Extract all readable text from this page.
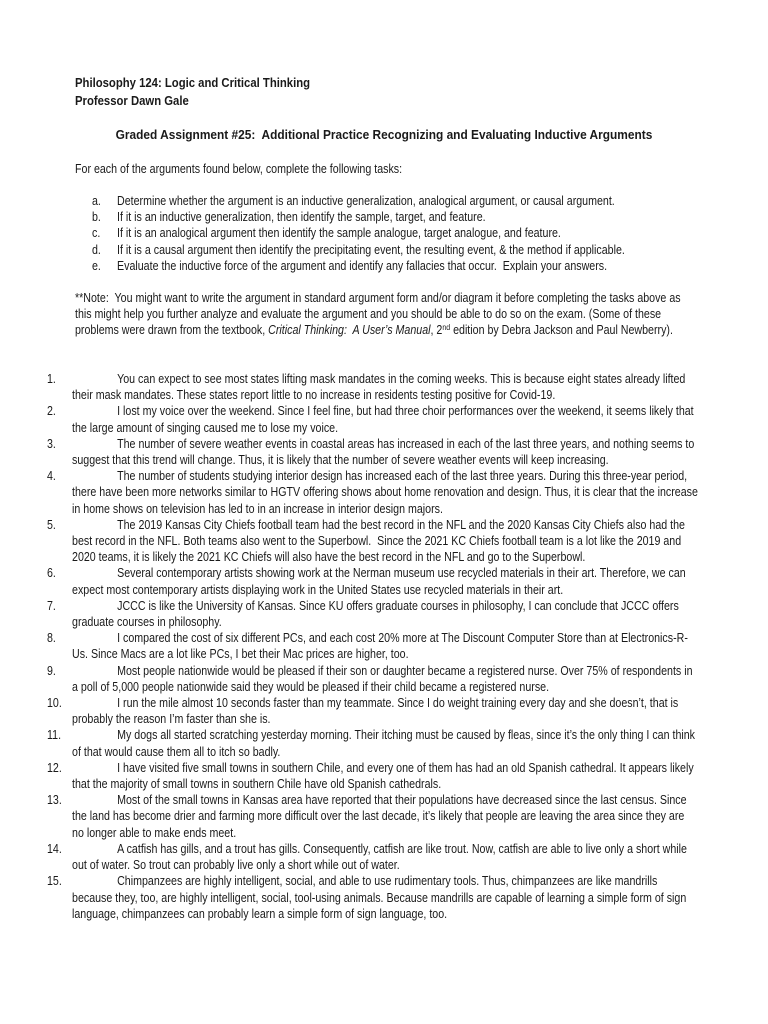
Philosophy 124: Logic and Critical Thinking
Professor Dawn Gale
Graded Assignment #25:  Additional Practice Recognizing and Evaluating Inductive Arguments
For each of the arguments found below, complete the following tasks:
a. Determine whether the argument is an inductive generalization, analogical argument, or causal argument.
b. If it is an inductive generalization, then identify the sample, target, and feature.
c. If it is an analogical argument then identify the sample analogue, target analogue, and feature.
d. If it is a causal argument then identify the precipitating event, the resulting event, & the method if applicable.
e. Evaluate the inductive force of the argument and identify any fallacies that occur.  Explain your answers.
**Note:  You might want to write the argument in standard argument form and/or diagram it before completing the tasks above as this might help you further analyze and evaluate the argument and you should be able to do so on the exam. (Some of these problems were drawn from the textbook, Critical Thinking:  A User’s Manual, 2nd edition by Debra Jackson and Paul Newberry).
1.	You can expect to see most states lifting mask mandates in the coming weeks. This is because eight states already lifted their mask mandates. These states report little to no increase in residents testing positive for Covid-19.
2.	I lost my voice over the weekend. Since I feel fine, but had three choir performances over the weekend, it seems likely that the large amount of singing caused me to lose my voice.
3.	The number of severe weather events in coastal areas has increased in each of the last three years, and nothing seems to suggest that this trend will change. Thus, it is likely that the number of severe weather events will keep increasing.
4.	The number of students studying interior design has increased each of the last three years. During this three-year period, there have been more networks similar to HGTV offering shows about home renovation and design. Thus, it is clear that the increase in home shows on television has led to in an increase in interior design majors.
5.	The 2019 Kansas City Chiefs football team had the best record in the NFL and the 2020 Kansas City Chiefs also had the best record in the NFL. Both teams also went to the Superbowl.  Since the 2021 KC Chiefs football team is a lot like the 2019 and 2020 teams, it is likely the 2021 KC Chiefs will also have the best record in the NFL and go to the Superbowl.
6.	Several contemporary artists showing work at the Nerman museum use recycled materials in their art. Therefore, we can expect most contemporary artists displaying work in the United States use recycled materials in their art.
7.	JCCC is like the University of Kansas. Since KU offers graduate courses in philosophy, I can conclude that JCCC offers graduate courses in philosophy.
8.	I compared the cost of six different PCs, and each cost 20% more at The Discount Computer Store than at Electronics-R-Us. Since Macs are a lot like PCs, I bet their Mac prices are higher, too.
9.	Most people nationwide would be pleased if their son or daughter became a registered nurse. Over 75% of respondents in a poll of 5,000 people nationwide said they would be pleased if their child became a registered nurse.
10.	I run the mile almost 10 seconds faster than my teammate. Since I do weight training every day and she doesn’t, that is probably the reason I’m faster than she is.
11.	My dogs all started scratching yesterday morning. Their itching must be caused by fleas, since it’s the only thing I can think of that would cause them all to itch so badly.
12.	I have visited five small towns in southern Chile, and every one of them has had an old Spanish cathedral. It appears likely that the majority of small towns in southern Chile have old Spanish cathedrals.
13.	Most of the small towns in Kansas area have reported that their populations have decreased since the last census. Since the land has become drier and farming more difficult over the last decade, it’s likely that people are leaving the area since they are no longer able to make ends meet.
14.	A catfish has gills, and a trout has gills. Consequently, catfish are like trout. Now, catfish are able to live only a short while out of water. So trout can probably live only a short while out of water.
15.	Chimpanzees are highly intelligent, social, and able to use rudimentary tools. Thus, chimpanzees are like mandrills because they, too, are highly intelligent, social, tool-using animals. Because mandrills are capable of learning a simple form of sign language, chimpanzees can probably learn a simple form of sign language, too.
